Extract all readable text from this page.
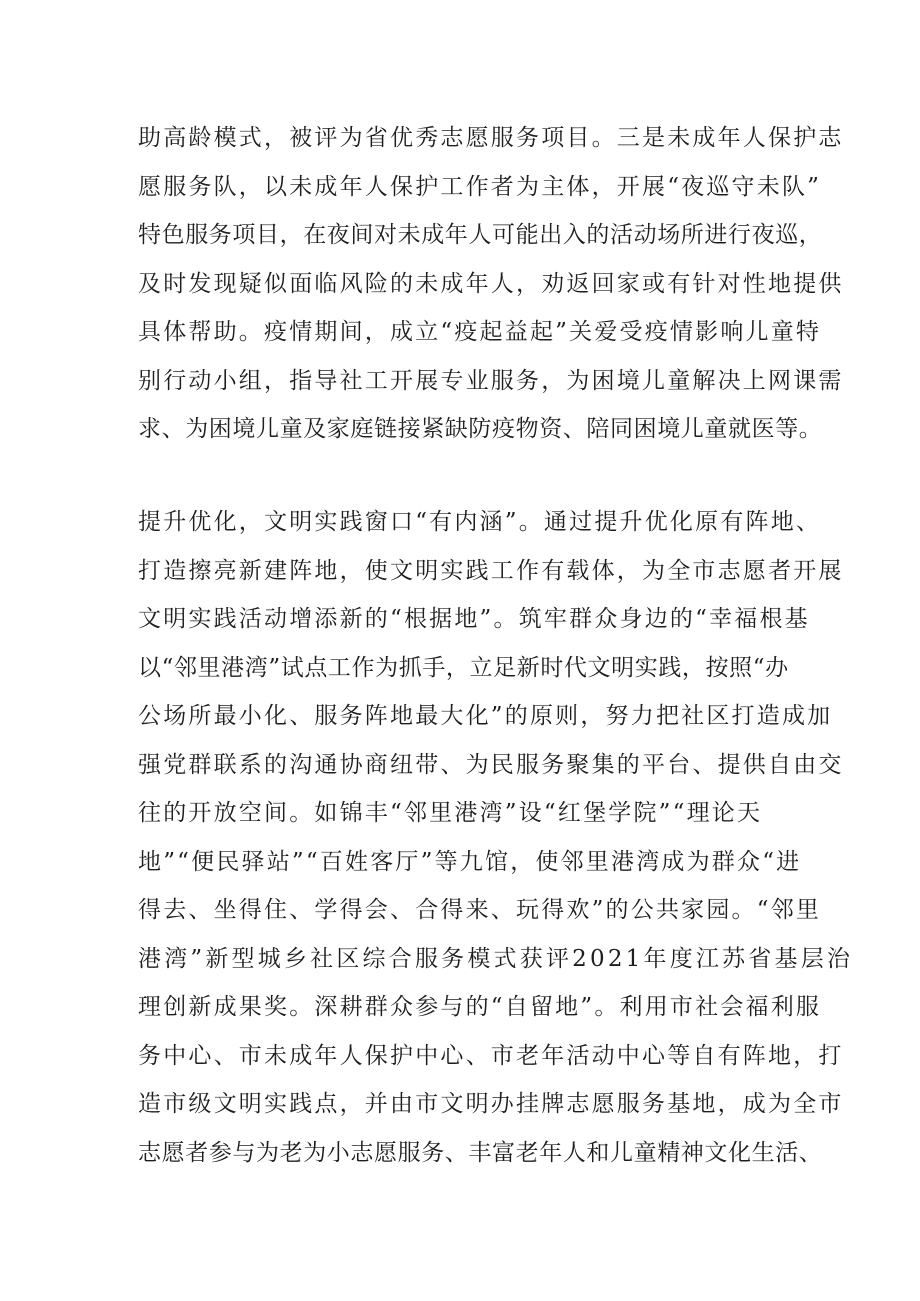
助高龄模式，被评为省优秀志愿服务项目。三是未成年人保护志
愿服务队，以未成年人保护工作者为主体，开展“夜巡守未队”
特色服务项目，在夜间对未成年人可能出入的活动场所进行夜巡，
及时发现疑似面临风险的未成年人，劝返回家或有针对性地提供
具体帮助。疫情期间，成立“疫起益起”关爱受疫情影响儿童特
别行动小组，指导社工开展专业服务，为困境儿童解决上网课需
求、为困境儿童及家庭链接紧缺防疫物资、陪同困境儿童就医等。
提升优化，文明实践窗口“有内涵”。通过提升优化原有阵地、
打造擦亮新建阵地，使文明实践工作有载体，为全市志愿者开展
文明实践活动增添新的“根据地”。筑牢群众身边的“幸福根基
以“邻里港湾”试点工作为抓手，立足新时代文明实践，按照“办
公场所最小化、服务阵地最大化”的原则，努力把社区打造成加
强党群联系的沟通协商纽带、为民服务聚集的平台、提供自由交
往的开放空间。如锦丰“邻里港湾”设“红堡学院”“理论天
地”“便民驿站”“百姓客厅”等九馆，使邻里港湾成为群众“进
得去、坐得住、学得会、合得来、玩得欢”的公共家园。“邻里
港湾”新型城乡社区综合服务模式获评2021年度江苏省基层治
理创新成果奖。深耕群众参与的“自留地”。利用市社会福利服
务中心、市未成年人保护中心、市老年活动中心等自有阵地，打
造市级文明实践点，并由市文明办挂牌志愿服务基地，成为全市
志愿者参与为老为小志愿服务、丰富老年人和儿童精神文化生活、
